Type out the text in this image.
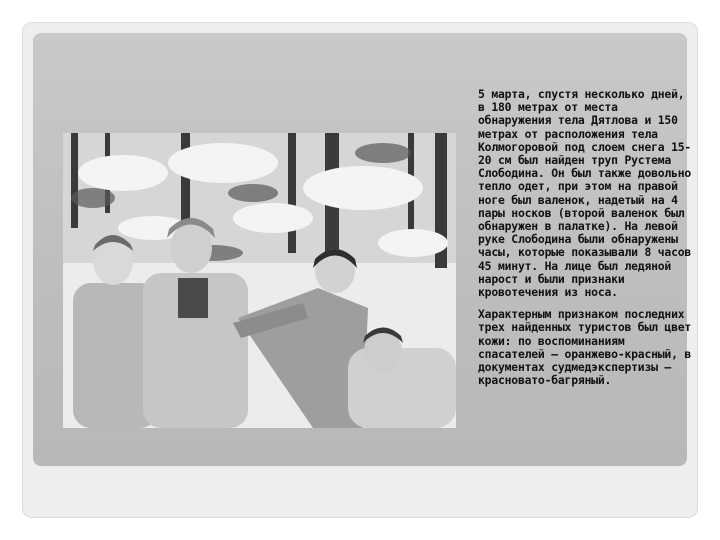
5 марта, спустя несколько дней, в 180 метрах от места обнаружения тела Дятлова и 150 метрах от расположения тела Колмогоровой под слоем снега 15-20 см был найден труп Рустема Слободина. Он был также довольно тепло одет, при этом на правой ноге был валенок, надетый на 4 пары носков (второй валенок был обнаружен в палатке). На левой руке Слободина были обнаружены часы, которые показывали 8 часов 45 минут. На лице был ледяной нарост и были признаки кровотечения из носа.

Характерным признаком последних трех найденных туристов был цвет кожи: по воспоминаниям спасателей — оранжево-красный, в документах судмедэкспертизы — красновато-багряный.
